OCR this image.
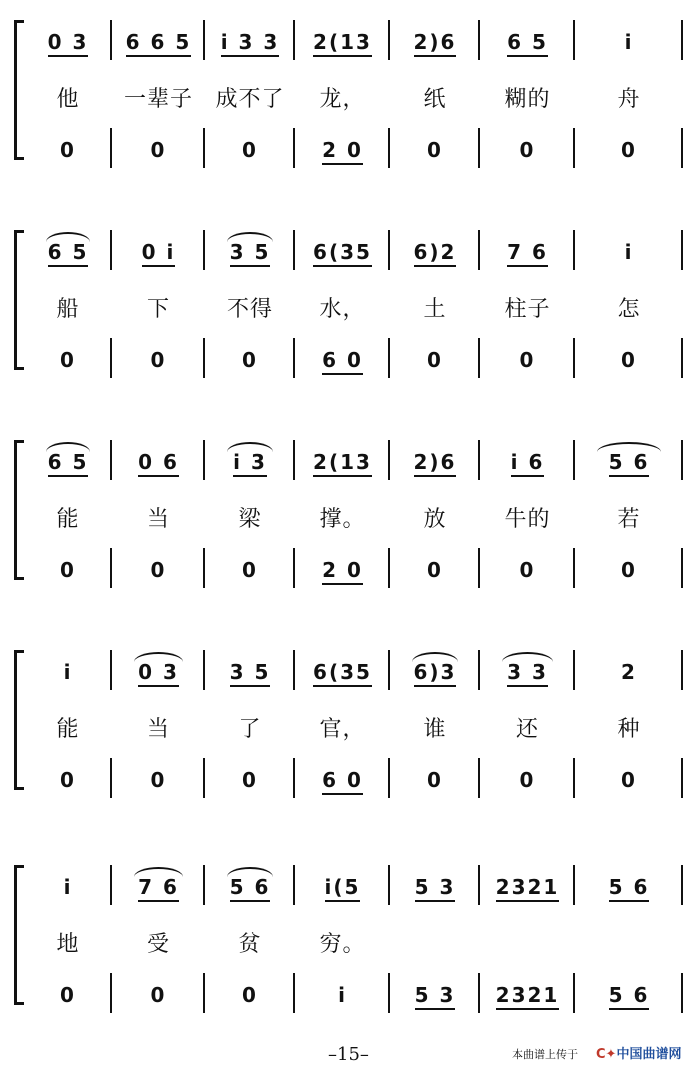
0 3	6 6 5	i 3 3	2(13	2)6	6 5	i
他	一辈子	成不了	龙，	纸	糊的	舟
0	0	0	2 0	0	0	0
6 5	0 i	3 5	6(35	6)2	7 6	i
船	下	不得	水，	土	柱子	怎
0	0	0	6 0	0	0	0
6 5	0 6	i 3	2(13	2)6	i 6	5 6
能	当	梁	撑。	放	牛的	若
0	0	0	2 0	0	0	0
i	0 3	3 5	6(35	6)3	3 3	2
能	当	了	官，	谁	还	种
0	0	0	6 0	0	0	0
i	7 6	5 6	i(5	5 3	2321	5 6
地	受	贫	穷。
0	0	0	i	5 3	2321	5 6
–15–	本曲谱上传于 C✦中国曲谱网
